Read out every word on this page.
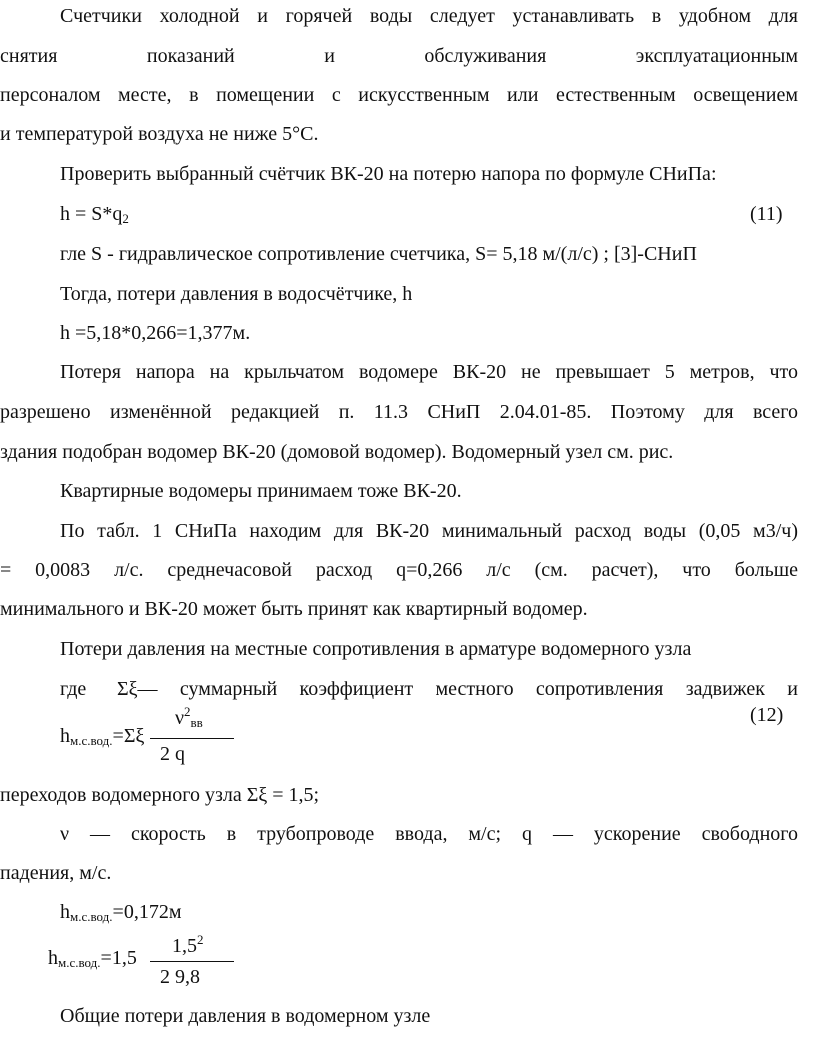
Счетчики холодной и горячей воды следует устанавливать в удобном для
снятия показаний и обслуживания эксплуатационным
персоналом месте, в помещении с искусственным или естественным освещением
и температурой воздуха не ниже 5°С.
Проверить выбранный счётчик ВК-20 на потерю напора по формуле СНиПа:
$h = S*q_2$	(11)
гле S - гидравлическое сопротивление счетчика, S= 5,18 м/(л/с) ; [3]-СНиП
Тогда, потери давления в водосчётчике, h
h =5,18*0,266=1,377м.
Потеря напора на крыльчатом водомере ВК-20 не превышает 5 метров, что
разрешено изменённой редакцией п. 11.3 СНиП 2.04.01-85. Поэтому для всего
здания подобран водомер ВК-20 (домовой водомер). Водомерный узел см. рис.
Квартирные водомеры принимаем тоже ВК-20.
По табл. 1 СНиПа находим для ВК-20 минимальный расход воды (0,05 м3/ч)
= 0,0083 л/с. среднечасовой расход q=0,266 л/с (см. расчет), что больше
минимального и ВК-20 может быть принят как квартирный водомер.
Потери давления на местные сопротивления в арматуре водомерного узла
где Σξ— суммарный коэффициент местного сопротивления задвижек и
$\nu^2_{вв}$
$h_{м.с.вод.}=\Sigma\xi$
2 q
(12)
переходов водомерного узла Σξ = 1,5;
ν — скорость в трубопроводе ввода, м/с; q — ускорение свободного
падения, м/с.
$h_{м.с.вод.}=0,172м$
$1,5^2$
$h_{м.с.вод.}=1,5$
2 9,8
Общие потери давления в водомерном узле
